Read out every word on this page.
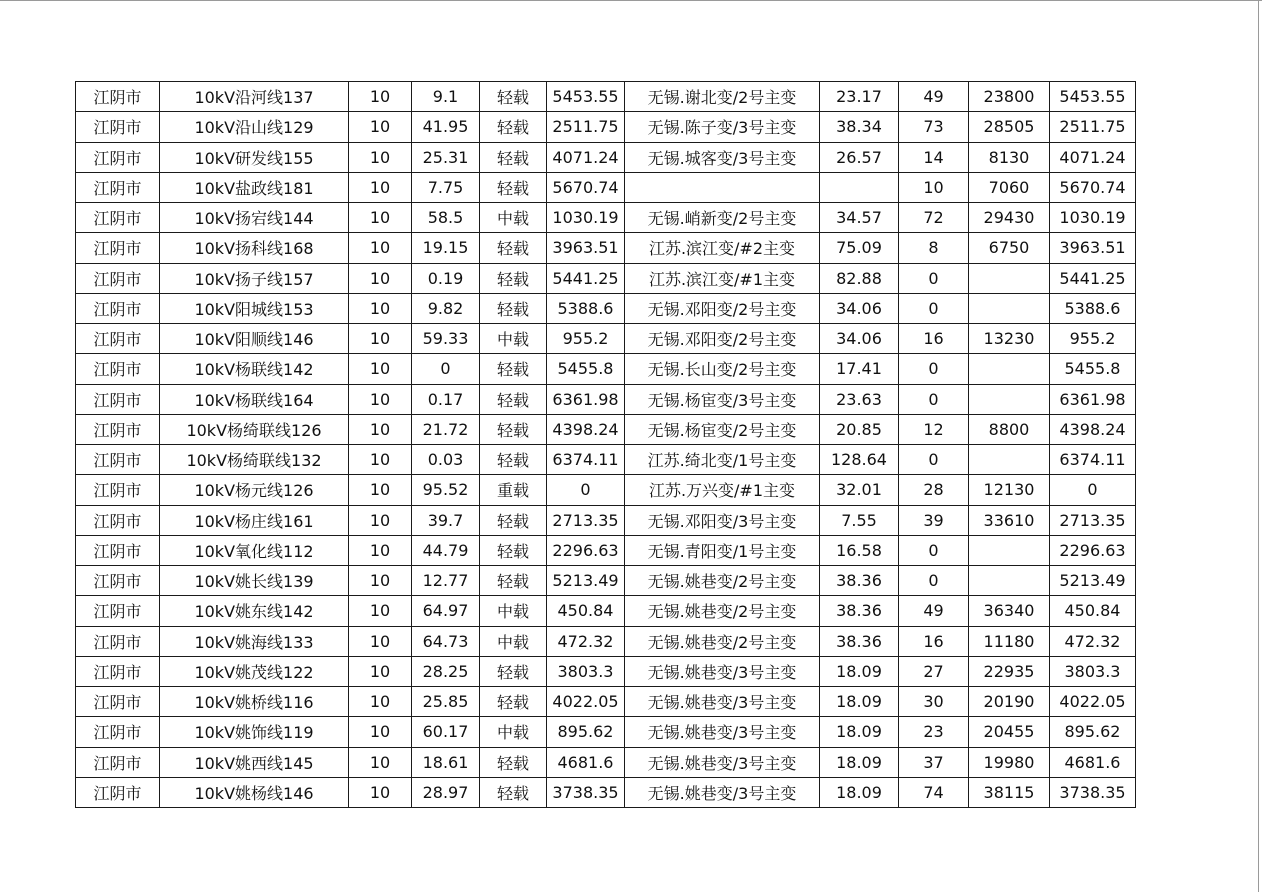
江阴市	10kV沿河线137	10	9.1	轻载	5453.55	无锡.谢北变/2号主变	23.17	49	23800	5453.55
江阴市	10kV沿山线129	10	41.95	轻载	2511.75	无锡.陈子变/3号主变	38.34	73	28505	2511.75
江阴市	10kV研发线155	10	25.31	轻载	4071.24	无锡.城客变/3号主变	26.57	14	8130	4071.24
江阴市	10kV盐政线181	10	7.75	轻载	5670.74			10	7060	5670.74
江阴市	10kV扬宕线144	10	58.5	中载	1030.19	无锡.峭新变/2号主变	34.57	72	29430	1030.19
江阴市	10kV扬科线168	10	19.15	轻载	3963.51	江苏.滨江变/#2主变	75.09	8	6750	3963.51
江阴市	10kV扬子线157	10	0.19	轻载	5441.25	江苏.滨江变/#1主变	82.88	0		5441.25
江阴市	10kV阳城线153	10	9.82	轻载	5388.6	无锡.邓阳变/2号主变	34.06	0		5388.6
江阴市	10kV阳顺线146	10	59.33	中载	955.2	无锡.邓阳变/2号主变	34.06	16	13230	955.2
江阴市	10kV杨联线142	10	0	轻载	5455.8	无锡.长山变/2号主变	17.41	0		5455.8
江阴市	10kV杨联线164	10	0.17	轻载	6361.98	无锡.杨宦变/3号主变	23.63	0		6361.98
江阴市	10kV杨绮联线126	10	21.72	轻载	4398.24	无锡.杨宦变/2号主变	20.85	12	8800	4398.24
江阴市	10kV杨绮联线132	10	0.03	轻载	6374.11	江苏.绮北变/1号主变	128.64	0		6374.11
江阴市	10kV杨元线126	10	95.52	重载	0	江苏.万兴变/#1主变	32.01	28	12130	0
江阴市	10kV杨庄线161	10	39.7	轻载	2713.35	无锡.邓阳变/3号主变	7.55	39	33610	2713.35
江阴市	10kV氧化线112	10	44.79	轻载	2296.63	无锡.青阳变/1号主变	16.58	0		2296.63
江阴市	10kV姚长线139	10	12.77	轻载	5213.49	无锡.姚巷变/2号主变	38.36	0		5213.49
江阴市	10kV姚东线142	10	64.97	中载	450.84	无锡.姚巷变/2号主变	38.36	49	36340	450.84
江阴市	10kV姚海线133	10	64.73	中载	472.32	无锡.姚巷变/2号主变	38.36	16	11180	472.32
江阴市	10kV姚茂线122	10	28.25	轻载	3803.3	无锡.姚巷变/3号主变	18.09	27	22935	3803.3
江阴市	10kV姚桥线116	10	25.85	轻载	4022.05	无锡.姚巷变/3号主变	18.09	30	20190	4022.05
江阴市	10kV姚饰线119	10	60.17	中载	895.62	无锡.姚巷变/3号主变	18.09	23	20455	895.62
江阴市	10kV姚西线145	10	18.61	轻载	4681.6	无锡.姚巷变/3号主变	18.09	37	19980	4681.6
江阴市	10kV姚杨线146	10	28.97	轻载	3738.35	无锡.姚巷变/3号主变	18.09	74	38115	3738.35
